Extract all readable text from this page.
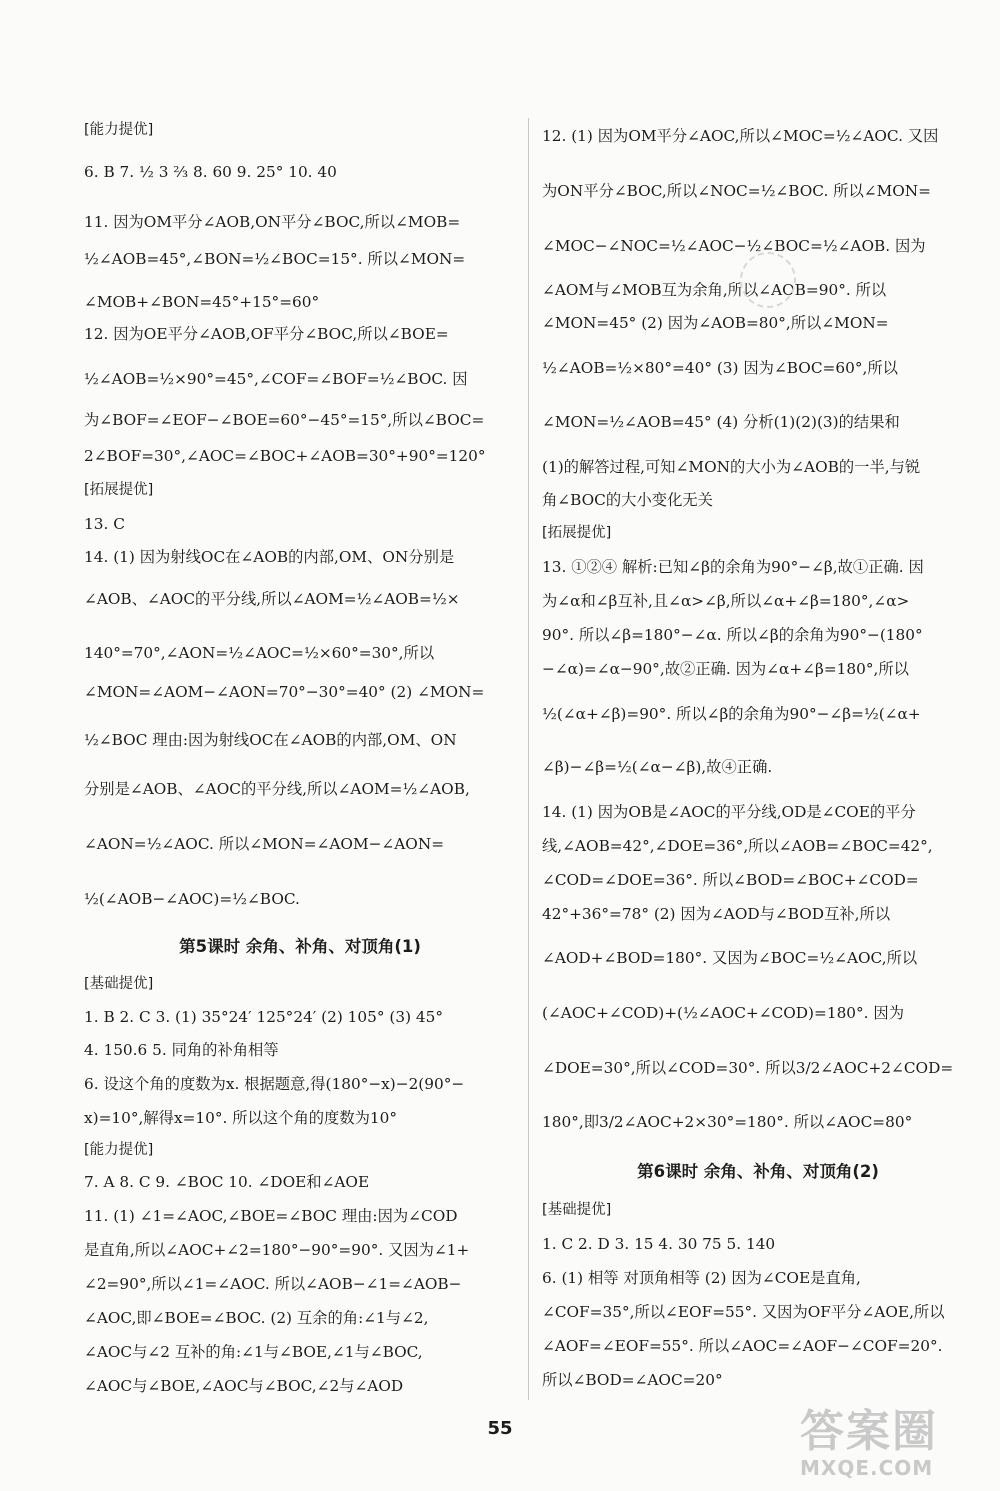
[能力提优]
6. B 7. ½ 3 ⅔ 8. 60 9. 25° 10. 40
11. 因为OM平分∠AOB,ON平分∠BOC,所以∠MOB=
½∠AOB=45°,∠BON=½∠BOC=15°. 所以∠MON=
∠MOB+∠BON=45°+15°=60°
12. 因为OE平分∠AOB,OF平分∠BOC,所以∠BOE=
½∠AOB=½×90°=45°,∠COF=∠BOF=½∠BOC. 因
为∠BOF=∠EOF−∠BOE=60°−45°=15°,所以∠BOC=
2∠BOF=30°,∠AOC=∠BOC+∠AOB=30°+90°=120°
[拓展提优]
13. C
14. (1) 因为射线OC在∠AOB的内部,OM、ON分别是
∠AOB、∠AOC的平分线,所以∠AOM=½∠AOB=½×
140°=70°,∠AON=½∠AOC=½×60°=30°,所以
∠MON=∠AOM−∠AON=70°−30°=40° (2) ∠MON=
½∠BOC 理由:因为射线OC在∠AOB的内部,OM、ON
分别是∠AOB、∠AOC的平分线,所以∠AOM=½∠AOB,
∠AON=½∠AOC. 所以∠MON=∠AOM−∠AON=
½(∠AOB−∠AOC)=½∠BOC.
第5课时 余角、补角、对顶角(1)
[基础提优]
1. B 2. C 3. (1) 35°24′ 125°24′ (2) 105° (3) 45°
4. 150.6 5. 同角的补角相等
6. 设这个角的度数为x. 根据题意,得(180°−x)−2(90°−
x)=10°,解得x=10°. 所以这个角的度数为10°
[能力提优]
7. A 8. C 9. ∠BOC 10. ∠DOE和∠AOE
11. (1) ∠1=∠AOC,∠BOE=∠BOC 理由:因为∠COD
是直角,所以∠AOC+∠2=180°−90°=90°. 又因为∠1+
∠2=90°,所以∠1=∠AOC. 所以∠AOB−∠1=∠AOB−
∠AOC,即∠BOE=∠BOC. (2) 互余的角:∠1与∠2,
∠AOC与∠2 互补的角:∠1与∠BOE,∠1与∠BOC,
∠AOC与∠BOE,∠AOC与∠BOC,∠2与∠AOD
12. (1) 因为OM平分∠AOC,所以∠MOC=½∠AOC. 又因
为ON平分∠BOC,所以∠NOC=½∠BOC. 所以∠MON=
∠MOC−∠NOC=½∠AOC−½∠BOC=½∠AOB. 因为
∠AOM与∠MOB互为余角,所以∠AOB=90°. 所以
∠MON=45° (2) 因为∠AOB=80°,所以∠MON=
½∠AOB=½×80°=40° (3) 因为∠BOC=60°,所以
∠MON=½∠AOB=45° (4) 分析(1)(2)(3)的结果和
(1)的解答过程,可知∠MON的大小为∠AOB的一半,与锐
角∠BOC的大小变化无关
[拓展提优]
13. ①②④ 解析:已知∠β的余角为90°−∠β,故①正确. 因
为∠α和∠β互补,且∠α>∠β,所以∠α+∠β=180°,∠α>
90°. 所以∠β=180°−∠α. 所以∠β的余角为90°−(180°
−∠α)=∠α−90°,故②正确. 因为∠α+∠β=180°,所以
½(∠α+∠β)=90°. 所以∠β的余角为90°−∠β=½(∠α+
∠β)−∠β=½(∠α−∠β),故④正确.
14. (1) 因为OB是∠AOC的平分线,OD是∠COE的平分
线,∠AOB=42°,∠DOE=36°,所以∠AOB=∠BOC=42°,
∠COD=∠DOE=36°. 所以∠BOD=∠BOC+∠COD=
42°+36°=78° (2) 因为∠AOD与∠BOD互补,所以
∠AOD+∠BOD=180°. 又因为∠BOC=½∠AOC,所以
(∠AOC+∠COD)+(½∠AOC+∠COD)=180°. 因为
∠DOE=30°,所以∠COD=30°. 所以3/2∠AOC+2∠COD=
180°,即3/2∠AOC+2×30°=180°. 所以∠AOC=80°
第6课时 余角、补角、对顶角(2)
[基础提优]
1. C 2. D 3. 15 4. 30 75 5. 140
6. (1) 相等 对顶角相等 (2) 因为∠COE是直角,
∠COF=35°,所以∠EOF=55°. 又因为OF平分∠AOE,所以
∠AOF=∠EOF=55°. 所以∠AOC=∠AOF−∠COF=20°.
所以∠BOD=∠AOC=20°
55	答案圈
MXQE.COM
